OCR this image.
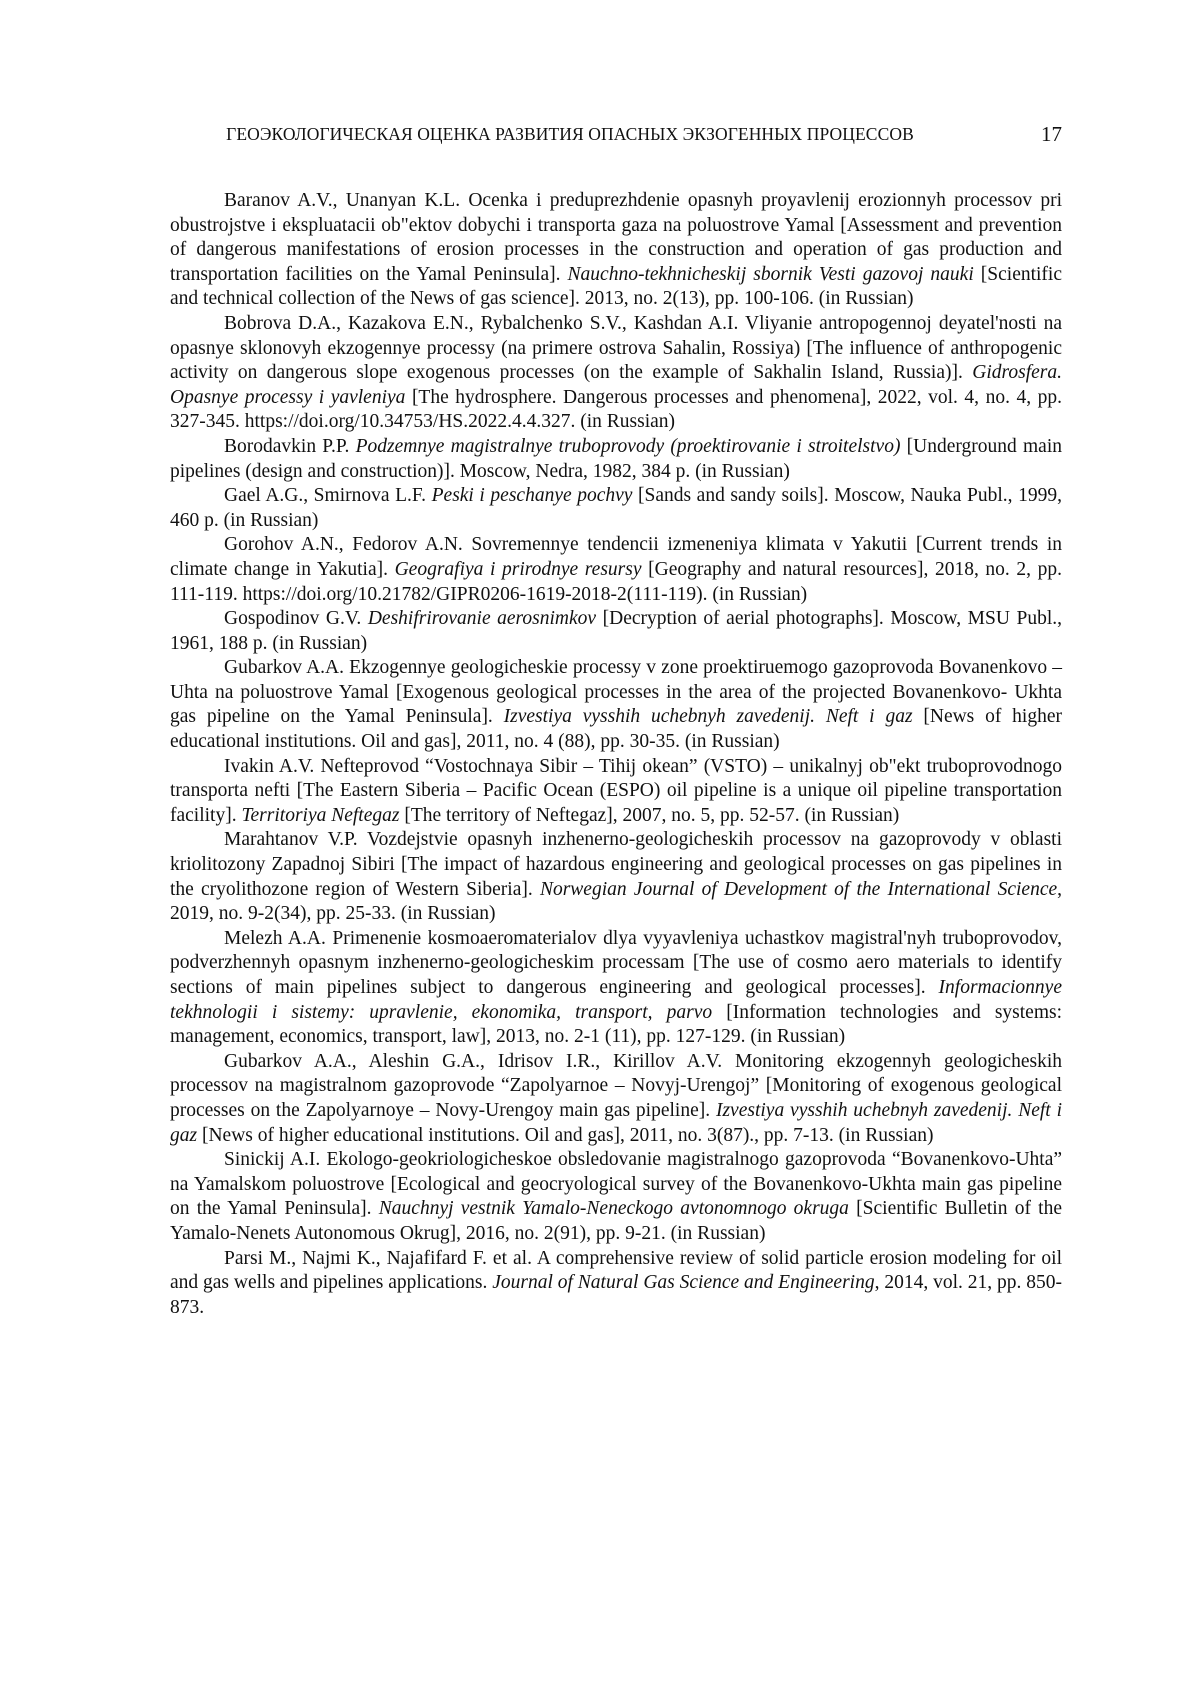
ГЕОЭКОЛОГИЧЕСКАЯ ОЦЕНКА РАЗВИТИЯ ОПАСНЫХ ЭКЗОГЕННЫХ ПРОЦЕССОВ	17

Baranov A.V., Unanyan K.L. Ocenka i preduprezhdenie opasnyh proyavlenij erozionnyh processov pri obustrojstve i ekspluatacii ob"ektov dobychi i transporta gaza na poluostrove Yamal [Assessment and prevention of dangerous manifestations of erosion processes in the construction and operation of gas production and transportation facilities on the Yamal Peninsula]. Nauchno-tekhnicheskij sbornik Vesti gazovoj nauki [Scientific and technical collection of the News of gas science]. 2013, no. 2(13), pp. 100-106. (in Russian)

Bobrova D.A., Kazakova E.N., Rybalchenko S.V., Kashdan A.I. Vliyanie antropogennoj deyatel'nosti na opasnye sklonovyh ekzogennye processy (na primere ostrova Sahalin, Rossiya) [The influence of anthropogenic activity on dangerous slope exogenous processes (on the example of Sakhalin Island, Russia)]. Gidrosfera. Opasnye processy i yavleniya [The hydrosphere. Dangerous processes and phenomena], 2022, vol. 4, no. 4, pp. 327-345. https://doi.org/10.34753/HS.2022.4.4.327. (in Russian)

Borodavkin P.P. Podzemnye magistralnye truboprovody (proektirovanie i stroitelstvo) [Underground main pipelines (design and construction)]. Moscow, Nedra, 1982, 384 p. (in Russian)

Gael A.G., Smirnova L.F. Peski i peschanye pochvy [Sands and sandy soils]. Moscow, Nauka Publ., 1999, 460 p. (in Russian)

Gorohov A.N., Fedorov A.N. Sovremennye tendencii izmeneniya klimata v Yakutii [Current trends in climate change in Yakutia]. Geografiya i prirodnye resursy [Geography and natural resources], 2018, no. 2, pp. 111-119. https://doi.org/10.21782/GIPR0206-1619-2018-2(111-119). (in Russian)

Gospodinov G.V. Deshifrirovanie aerosnimkov [Decryption of aerial photographs]. Moscow, MSU Publ., 1961, 188 p. (in Russian)

Gubarkov A.A. Ekzogennye geologicheskie processy v zone proektiruemogo gazoprovoda Bovanenkovo – Uhta na poluostrove Yamal [Exogenous geological processes in the area of the projected Bovanenkovo- Ukhta gas pipeline on the Yamal Peninsula]. Izvestiya vysshih uchebnyh zavedenij. Neft i gaz [News of higher educational institutions. Oil and gas], 2011, no. 4 (88), pp. 30-35. (in Russian)

Ivakin A.V. Nefteprovod “Vostochnaya Sibir – Tihij okean” (VSTO) – unikalnyj ob"ekt truboprovodnogo transporta nefti [The Eastern Siberia – Pacific Ocean (ESPO) oil pipeline is a unique oil pipeline transportation facility]. Territoriya Neftegaz [The territory of Neftegaz], 2007, no. 5, pp. 52-57. (in Russian)

Marahtanov V.P. Vozdejstvie opasnyh inzhenerno-geologicheskih processov na gazoprovody v oblasti kriolitozony Zapadnoj Sibiri [The impact of hazardous engineering and geological processes on gas pipelines in the cryolithozone region of Western Siberia]. Norwegian Journal of Development of the International Science, 2019, no. 9-2(34), pp. 25-33. (in Russian)

Melezh A.A. Primenenie kosmoaeromaterialov dlya vyyavleniya uchastkov magistral'nyh truboprovodov, podverzhennyh opasnym inzhenerno-geologicheskim processam [The use of cosmo aero materials to identify sections of main pipelines subject to dangerous engineering and geological processes]. Informacionnye tekhnologii i sistemy: upravlenie, ekonomika, transport, parvo [Information technologies and systems: management, economics, transport, law], 2013, no. 2-1 (11), pp. 127-129. (in Russian)

Gubarkov A.A., Aleshin G.A., Idrisov I.R., Kirillov A.V. Monitoring ekzogennyh geologicheskih processov na magistralnom gazoprovode “Zapolyarnoe – Novyj-Urengoj” [Monitoring of exogenous geological processes on the Zapolyarnoye – Novy-Urengoy main gas pipeline]. Izvestiya vysshih uchebnyh zavedenij. Neft i gaz [News of higher educational institutions. Oil and gas], 2011, no. 3(87)., pp. 7-13. (in Russian)

Sinickij A.I. Ekologo-geokriologicheskoe obsledovanie magistralnogo gazoprovoda “Bovanenkovo-Uhta” na Yamalskom poluostrove [Ecological and geocryological survey of the Bovanenkovo-Ukhta main gas pipeline on the Yamal Peninsula]. Nauchnyj vestnik Yamalo-Neneckogo avtonomnogo okruga [Scientific Bulletin of the Yamalo-Nenets Autonomous Okrug], 2016, no. 2(91), pp. 9-21. (in Russian)

Parsi M., Najmi K., Najafifard F. et al. A comprehensive review of solid particle erosion modeling for oil and gas wells and pipelines applications. Journal of Natural Gas Science and Engineering, 2014, vol. 21, pp. 850-873.
